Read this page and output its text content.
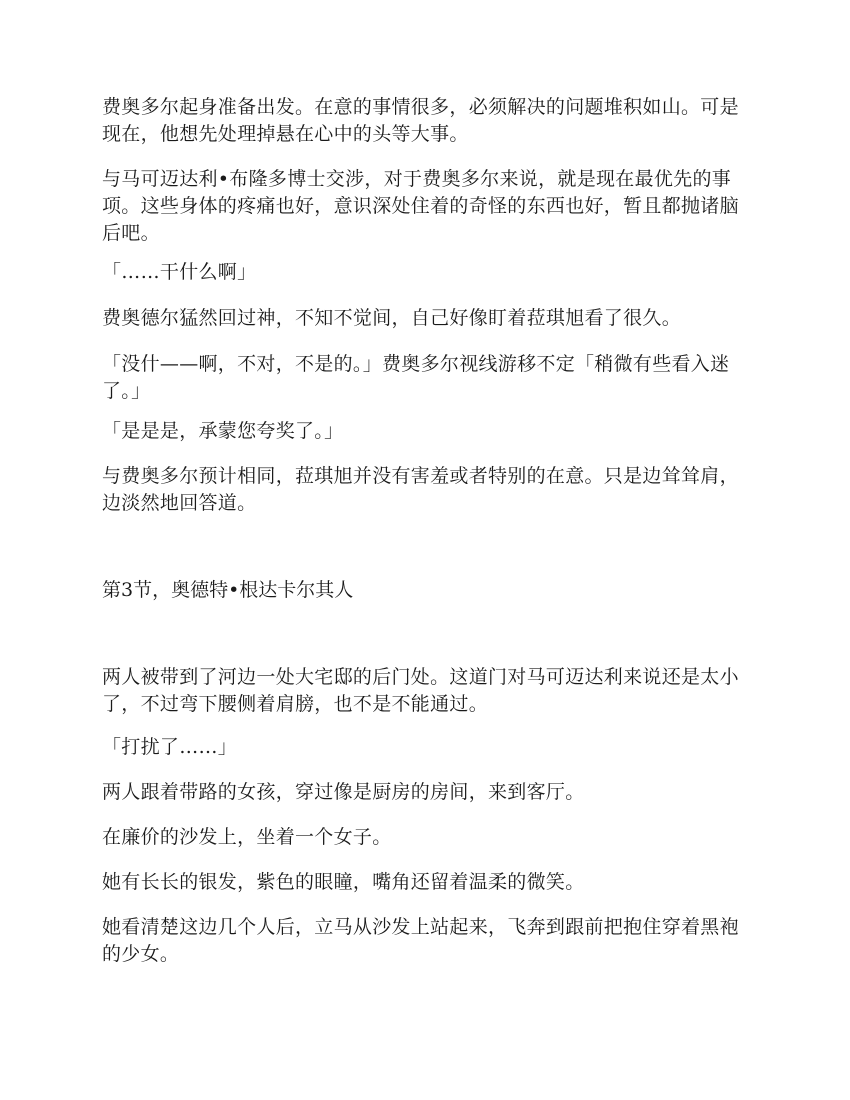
费奥多尔起身准备出发。在意的事情很多，必须解决的问题堆积如山。可是现在，他想先处理掉悬在心中的头等大事。

与马可迈达利•布隆多博士交涉，对于费奥多尔来说，就是现在最优先的事项。这些身体的疼痛也好，意识深处住着的奇怪的东西也好，暂且都抛诸脑后吧。

「……干什么啊」

费奥德尔猛然回过神，不知不觉间，自己好像盯着菈琪旭看了很久。

「没什——啊，不对，不是的。」费奥多尔视线游移不定「稍微有些看入迷了。」

「是是是，承蒙您夸奖了。」

与费奥多尔预计相同，菈琪旭并没有害羞或者特别的在意。只是边耸耸肩，边淡然地回答道。

第3节，奥德特•根达卡尔其人

两人被带到了河边一处大宅邸的后门处。这道门对马可迈达利来说还是太小了，不过弯下腰侧着肩膀，也不是不能通过。

「打扰了……」

两人跟着带路的女孩，穿过像是厨房的房间，来到客厅。

在廉价的沙发上，坐着一个女子。

她有长长的银发，紫色的眼瞳，嘴角还留着温柔的微笑。

她看清楚这边几个人后，立马从沙发上站起来，飞奔到跟前把抱住穿着黑袍的少女。
